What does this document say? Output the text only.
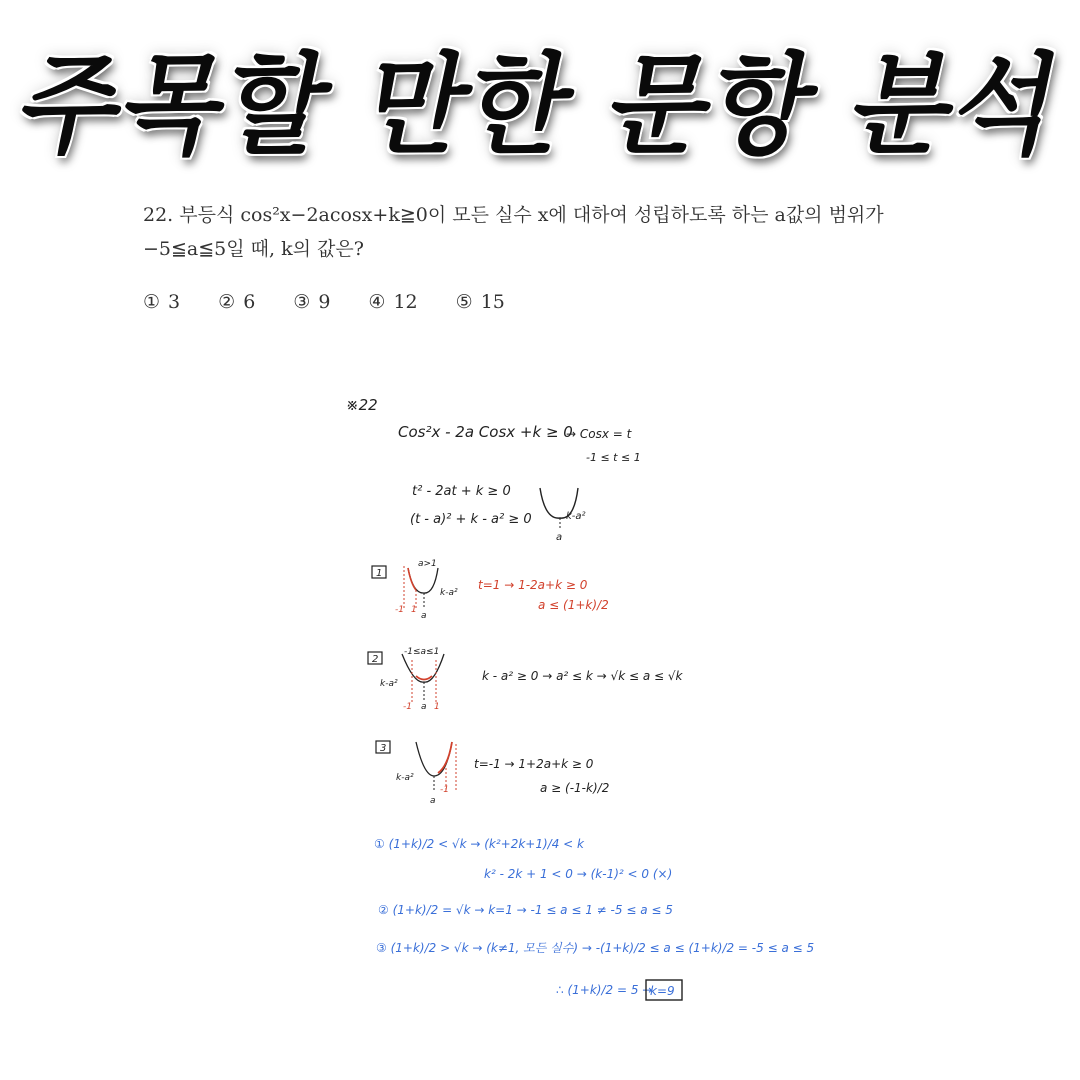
주목할 만한 문항 분석
22. 부등식 cos²x−2acosx+k≧0이 모든 실수 x에 대하여 성립하도록 하는 a값의 범위가
−5≦a≦5일 때, k의 값은?
① 3 ② 6 ③ 9 ④ 12 ⑤ 15
※22
Cos²x - 2a Cosx +k ≥ 0
→ Cosx = t
-1 ≤ t ≤ 1
t² - 2at + k ≥ 0
(t - a)² + k - a² ≥ 0	k-a²
a
1
a>1
-1 1
a
k-a²
t=1 → 1-2a+k ≥ 0
a ≤ (1+k)/2
2
-1≤a≤1
k-a²
-1 1
a
k - a² ≥ 0 → a² ≤ k → √k ≤ a ≤ √k
3
k-a²
-1
a
t=-1 → 1+2a+k ≥ 0
a ≥ (-1-k)/2
① (1+k)/2 < √k → (k²+2k+1)/4 < k
k² - 2k + 1 < 0 → (k-1)² < 0 (×)
② (1+k)/2 = √k → k=1 → -1 ≤ a ≤ 1 ≠ -5 ≤ a ≤ 5
③ (1+k)/2 > √k → (k≠1, 모든 실수) → -(1+k)/2 ≤ a ≤ (1+k)/2 = -5 ≤ a ≤ 5
∴ (1+k)/2 = 5 →
k=9
